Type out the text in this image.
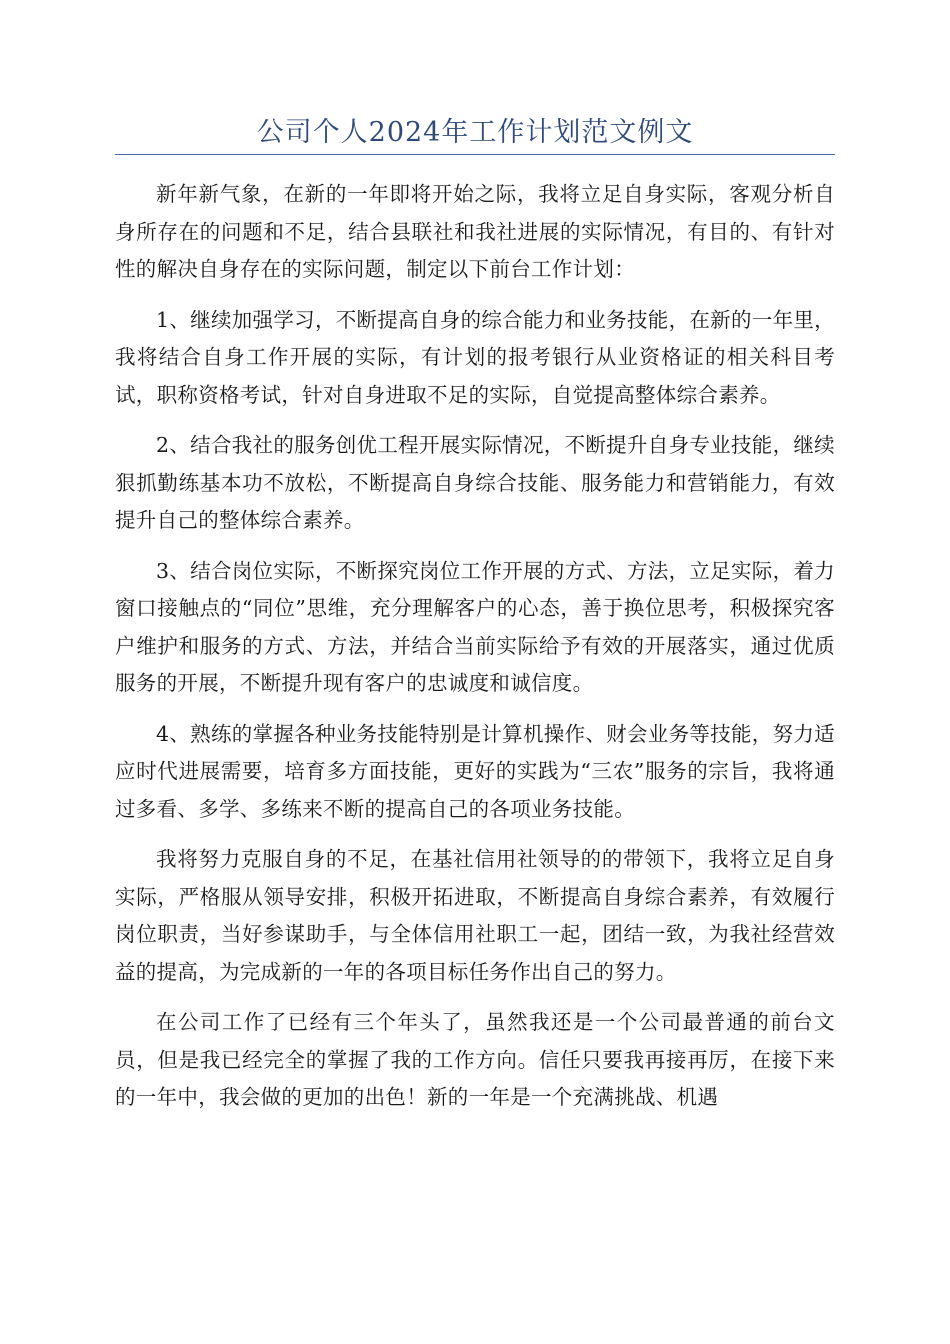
公司个人2024年工作计划范文例文

新年新气象，在新的一年即将开始之际，我将立足自身实际，客观分析自身所存在的问题和不足，结合县联社和我社进展的实际情况，有目的、有针对性的解决自身存在的实际问题，制定以下前台工作计划：

1、继续加强学习，不断提高自身的综合能力和业务技能，在新的一年里，我将结合自身工作开展的实际，有计划的报考银行从业资格证的相关科目考试，职称资格考试，针对自身进取不足的实际，自觉提高整体综合素养。

2、结合我社的服务创优工程开展实际情况，不断提升自身专业技能，继续狠抓勤练基本功不放松，不断提高自身综合技能、服务能力和营销能力，有效提升自己的整体综合素养。

3、结合岗位实际，不断探究岗位工作开展的方式、方法，立足实际，着力窗口接触点的“同位”思维，充分理解客户的心态，善于换位思考，积极探究客户维护和服务的方式、方法，并结合当前实际给予有效的开展落实，通过优质服务的开展，不断提升现有客户的忠诚度和诚信度。

4、熟练的掌握各种业务技能特别是计算机操作、财会业务等技能，努力适应时代进展需要，培育多方面技能，更好的实践为“三农”服务的宗旨，我将通过多看、多学、多练来不断的提高自己的各项业务技能。

我将努力克服自身的不足，在基社信用社领导的的带领下，我将立足自身实际，严格服从领导安排，积极开拓进取，不断提高自身综合素养，有效履行岗位职责，当好参谋助手，与全体信用社职工一起，团结一致，为我社经营效益的提高，为完成新的一年的各项目标任务作出自己的努力。

在公司工作了已经有三个年头了，虽然我还是一个公司最普通的前台文员，但是我已经完全的掌握了我的工作方向。信任只要我再接再厉，在接下来的一年中，我会做的更加的出色！新的一年是一个充满挑战、机遇
